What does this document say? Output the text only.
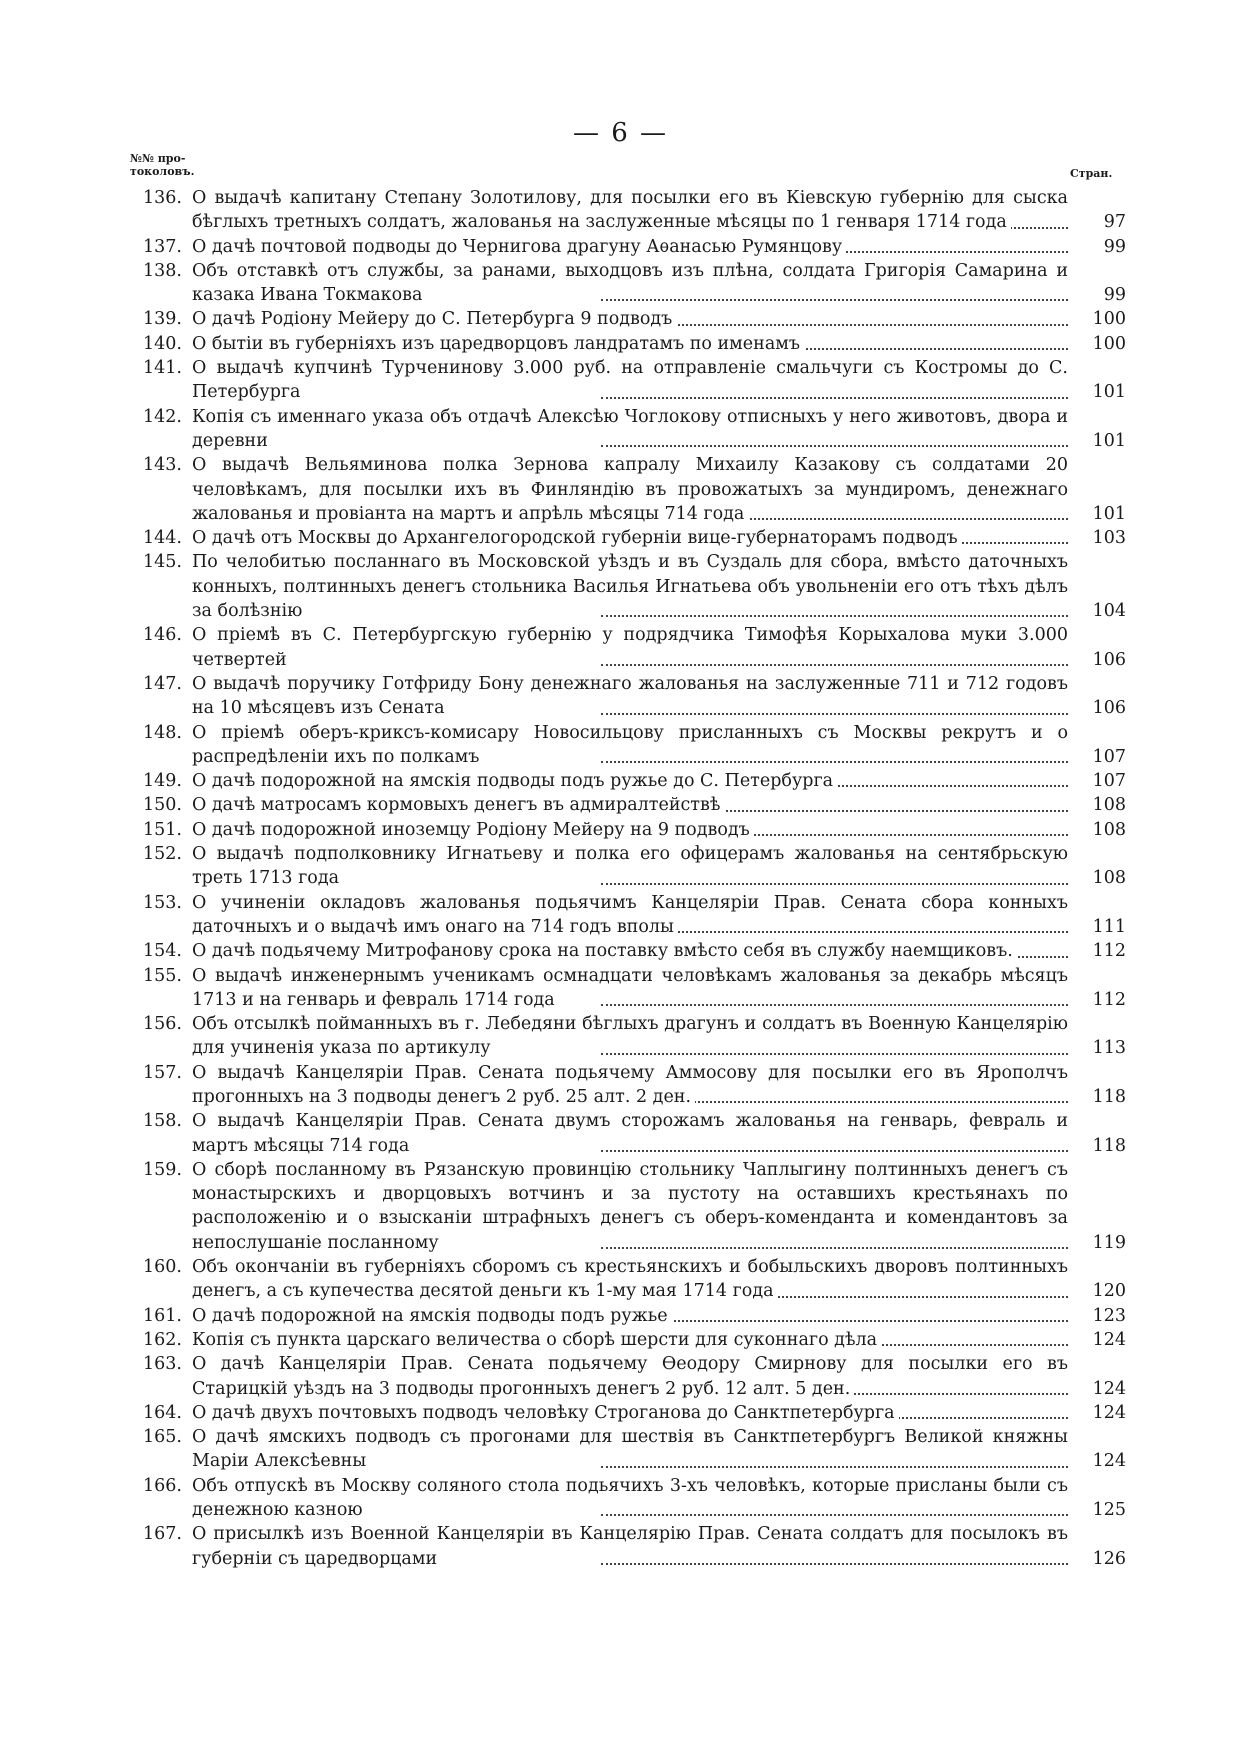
— 6 —
№№ про-
токоловъ.	Стран.
136. О выдачѣ капитану Степану Золотилову, для посылки его въ Кіевскую губернію для сыска бѣглыхъ третныхъ солдатъ, жалованья на заслуженные мѣсяцы по 1 генваря 1714 года	97
137. О дачѣ почтовой подводы до Чернигова драгуну Аѳанасью Румянцову	99
138. Объ отставкѣ отъ службы, за ранами, выходцовъ изъ плѣна, солдата Григорія Самарина и казака Ивана Токмакова	99
139. О дачѣ Родіону Мейеру до С. Петербурга 9 подводъ	100
140. О бытіи въ губерніяхъ изъ царедворцовъ ландратамъ по именамъ	100
141. О выдачѣ купчинѣ Турченинову 3.000 руб. на отправленіе смальчуги съ Костромы до С. Петербурга	101
142. Копія съ именнаго указа объ отдачѣ Алексѣю Чоглокову отписныхъ у него животовъ, двора и деревни	101
143. О выдачѣ Вельяминова полка Зернова капралу Михаилу Казакову съ солдатами 20 человѣкамъ, для посылки ихъ въ Финляндію въ провожатыхъ за мундиромъ, денежнаго жалованья и провіанта на мартъ и апрѣль мѣсяцы 714 года	101
144. О дачѣ отъ Москвы до Архангелогородской губерніи вице-губернаторамъ подводъ	103
145. По челобитью посланнаго въ Московской уѣздъ и въ Суздаль для сбора, вмѣсто даточныхъ конныхъ, полтинныхъ денегъ стольника Василья Игнатьева объ увольненіи его отъ тѣхъ дѣлъ за болѣзнію	104
146. О пріемѣ въ С. Петербургскую губернію у подрядчика Тимофѣя Корыхалова муки 3.000 четвертей	106
147. О выдачѣ поручику Готфриду Бону денежнаго жалованья на заслуженные 711 и 712 годовъ на 10 мѣсяцевъ изъ Сената	106
148. О пріемѣ оберъ-криксъ-комисару Новосильцову присланныхъ съ Москвы рекрутъ и о распредѣленіи ихъ по полкамъ	107
149. О дачѣ подорожной на ямскія подводы подъ ружье до С. Петербурга	107
150. О дачѣ матросамъ кормовыхъ денегъ въ адмиралтействѣ	108
151. О дачѣ подорожной иноземцу Родіону Мейеру на 9 подводъ	108
152. О выдачѣ подполковнику Игнатьеву и полка его офицерамъ жалованья на сентябрьскую треть 1713 года	108
153. О учиненіи окладовъ жалованья подьячимъ Канцеляріи Прав. Сената сбора конныхъ даточныхъ и о выдачѣ имъ онаго на 714 годъ вполы	111
154. О дачѣ подьячему Митрофанову срока на поставку вмѣсто себя въ службу наемщиковъ.	112
155. О выдачѣ инженернымъ ученикамъ осмнадцати человѣкамъ жалованья за декабрь мѣсяцъ 1713 и на генварь и февраль 1714 года	112
156. Объ отсылкѣ пойманныхъ въ г. Лебедяни бѣглыхъ драгунъ и солдатъ въ Военную Канцелярію для учиненія указа по артикулу	113
157. О выдачѣ Канцеляріи Прав. Сената подьячему Аммосову для посылки его въ Ярополчъ прогонныхъ на 3 подводы денегъ 2 руб. 25 алт. 2 ден.	118
158. О выдачѣ Канцеляріи Прав. Сената двумъ сторожамъ жалованья на генварь, февраль и мартъ мѣсяцы 714 года	118
159. О сборѣ посланному въ Рязанскую провинцію стольнику Чаплыгину полтинныхъ денегъ съ монастырскихъ и дворцовыхъ вотчинъ и за пустоту на оставшихъ крестьянахъ по расположенію и о взысканіи штрафныхъ денегъ съ оберъ-коменданта и комендантовъ за непослушаніе посланному	119
160. Объ окончаніи въ губерніяхъ сборомъ съ крестьянскихъ и бобыльскихъ дворовъ полтинныхъ денегъ, а съ купечества десятой деньги къ 1-му мая 1714 года	120
161. О дачѣ подорожной на ямскія подводы подъ ружье	123
162. Копія съ пункта царскаго величества о сборѣ шерсти для суконнаго дѣла	124
163. О дачѣ Канцеляріи Прав. Сената подьячему Ѳеодору Смирнову для посылки его въ Старицкій уѣздъ на 3 подводы прогонныхъ денегъ 2 руб. 12 алт. 5 ден.	124
164. О дачѣ двухъ почтовыхъ подводъ человѣку Строганова до Санктпетербурга	124
165. О дачѣ ямскихъ подводъ съ прогонами для шествія въ Санктпетербургъ Великой княжны Маріи Алексѣевны	124
166. Объ отпускѣ въ Москву соляного стола подьячихъ 3-хъ человѣкъ, которые присланы были съ денежною казною	125
167. О присылкѣ изъ Военной Канцеляріи въ Канцелярію Прав. Сената солдатъ для посылокъ въ губерніи съ царедворцами	126
